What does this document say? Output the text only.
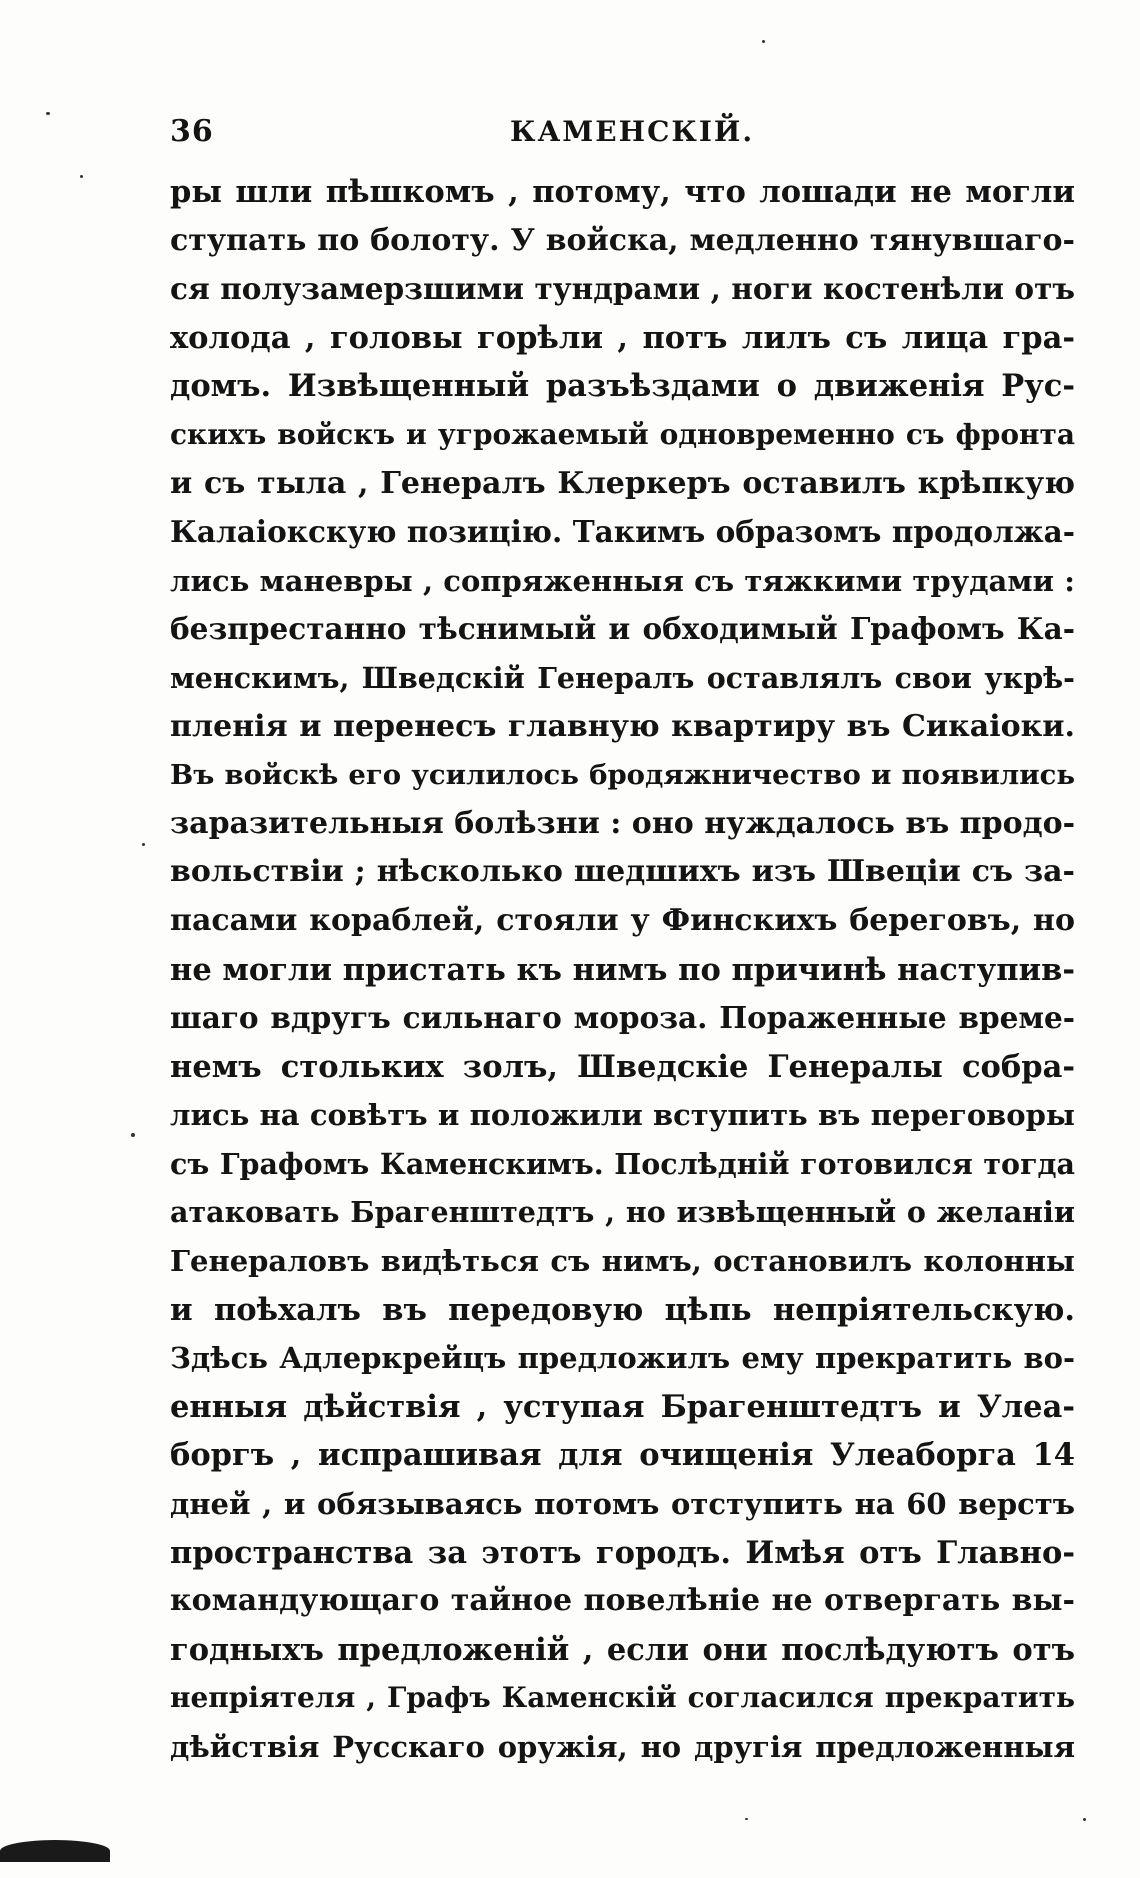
36	КАМЕНСКІЙ.
ры шли пѣшкомъ , потому, что лошади не могли
ступать по болоту. У войска, медленно тянувшаго-
ся полузамерзшими тундрами , ноги костенѣли отъ
холода , головы горѣли , потъ лилъ съ лица гра-
домъ. Извѣщенный разъѣздами о движенія Рус-
скихъ войскъ и угрожаемый одновременно съ фронта
и съ тыла , Генералъ Клеркеръ оставилъ крѣпкую
Калаіокскую позицію. Такимъ образомъ продолжа-
лись маневры , сопряженныя съ тяжкими трудами :
безпрестанно тѣснимый и обходимый Графомъ Ка-
менскимъ, Шведскій Генералъ оставлялъ свои укрѣ-
пленія и перенесъ главную квартиру въ Сикаіоки.
Въ войскѣ его усилилось бродяжничество и появились
заразительныя болѣзни : оно нуждалось въ продо-
вольствіи ; нѣсколько шедшихъ изъ Швеціи съ за-
пасами кораблей, стояли у Финскихъ береговъ, но
не могли пристать къ нимъ по причинѣ наступив-
шаго вдругъ сильнаго мороза. Пораженные време-
немъ стольких золъ, Шведскіе Генералы собра-
лись на совѣтъ и положили вступить въ переговоры
съ Графомъ Каменскимъ. Послѣдній готовился тогда
атаковать Брагенштедтъ , но извѣщенный о желаніи
Генераловъ видѣться съ нимъ, остановилъ колонны
и поѣхалъ въ передовую цѣпь непріятельскую.
Здѣсь Адлеркрейцъ предложилъ ему прекратить во-
енныя дѣйствія , уступая Брагенштедтъ и Улеа-
боргъ , испрашивая для очищенія Улеаборга 14
дней , и обязываясь потомъ отступить на 60 верстъ
пространства за этотъ городъ. Имѣя отъ Главно-
командующаго тайное повелѣніе не отвергать вы-
годныхъ предложеній , если они послѣдуютъ отъ
непріятеля , Графъ Каменскій согласился прекратить
дѣйствія Русскаго оружія, но другія предложенныя
